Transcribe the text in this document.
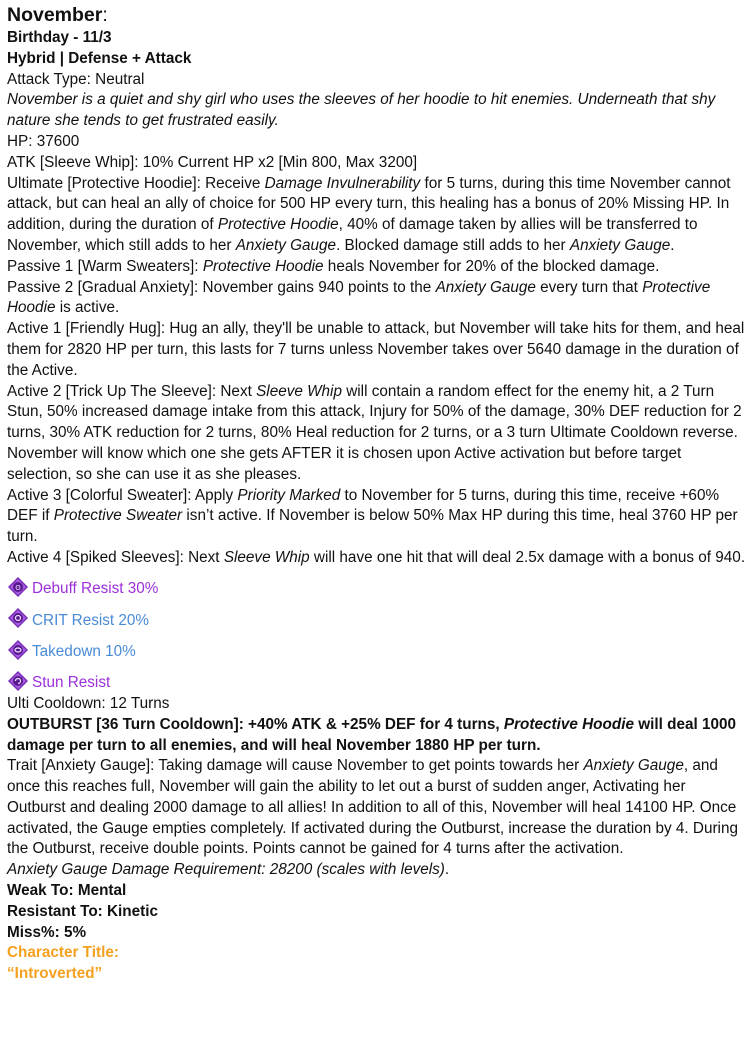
November:

Birthday - 11/3

Hybrid | Defense + Attack

Attack Type: Neutral

November is a quiet and shy girl who uses the sleeves of her hoodie to hit enemies. Underneath that shy nature she tends to get frustrated easily.

HP: 37600

ATK [Sleeve Whip]: 10% Current HP x2 [Min 800, Max 3200]

Ultimate [Protective Hoodie]: Receive Damage Invulnerability for 5 turns, during this time November cannot attack, but can heal an ally of choice for 500 HP every turn, this healing has a bonus of 20% Missing HP. In addition, during the duration of Protective Hoodie, 40% of damage taken by allies will be transferred to November, which still adds to her Anxiety Gauge. Blocked damage still adds to her Anxiety Gauge.

Passive 1 [Warm Sweaters]: Protective Hoodie heals November for 20% of the blocked damage.

Passive 2 [Gradual Anxiety]: November gains 940 points to the Anxiety Gauge every turn that Protective Hoodie is active.

Active 1 [Friendly Hug]: Hug an ally, they'll be unable to attack, but November will take hits for them, and heal them for 2820 HP per turn, this lasts for 7 turns unless November takes over 5640 damage in the duration of the Active.

Active 2 [Trick Up The Sleeve]: Next Sleeve Whip will contain a random effect for the enemy hit, a 2 Turn Stun, 50% increased damage intake from this attack, Injury for 50% of the damage, 30% DEF reduction for 2 turns, 30% ATK reduction for 2 turns, 80% Heal reduction for 2 turns, or a 3 turn Ultimate Cooldown reverse. November will know which one she gets AFTER it is chosen upon Active activation but before target selection, so she can use it as she pleases.

Active 3 [Colorful Sweater]: Apply Priority Marked to November for 5 turns, during this time, receive +60% DEF if Protective Sweater isn’t active. If November is below 50% Max HP during this time, heal 3760 HP per turn.

Active 4 [Spiked Sleeves]: Next Sleeve Whip will have one hit that will deal 2.5x damage with a bonus of 940.

ʘ Debuff Resist 30%
CRIT Resist 20%
Takedown 10%
Stun Resist

Ulti Cooldown: 12 Turns

OUTBURST [36 Turn Cooldown]: +40% ATK & +25% DEF for 4 turns, Protective Hoodie will deal 1000 damage per turn to all enemies, and will heal November 1880 HP per turn.

Trait [Anxiety Gauge]: Taking damage will cause November to get points towards her Anxiety Gauge, and once this reaches full, November will gain the ability to let out a burst of sudden anger, Activating her Outburst and dealing 2000 damage to all allies! In addition to all of this, November will heal 14100 HP. Once activated, the Gauge empties completely. If activated during the Outburst, increase the duration by 4. During the Outburst, receive double points. Points cannot be gained for 4 turns after the activation.

Anxiety Gauge Damage Requirement: 28200 (scales with levels).

Weak To: Mental

Resistant To: Kinetic

Miss%: 5%

Character Title:

“Introverted”
